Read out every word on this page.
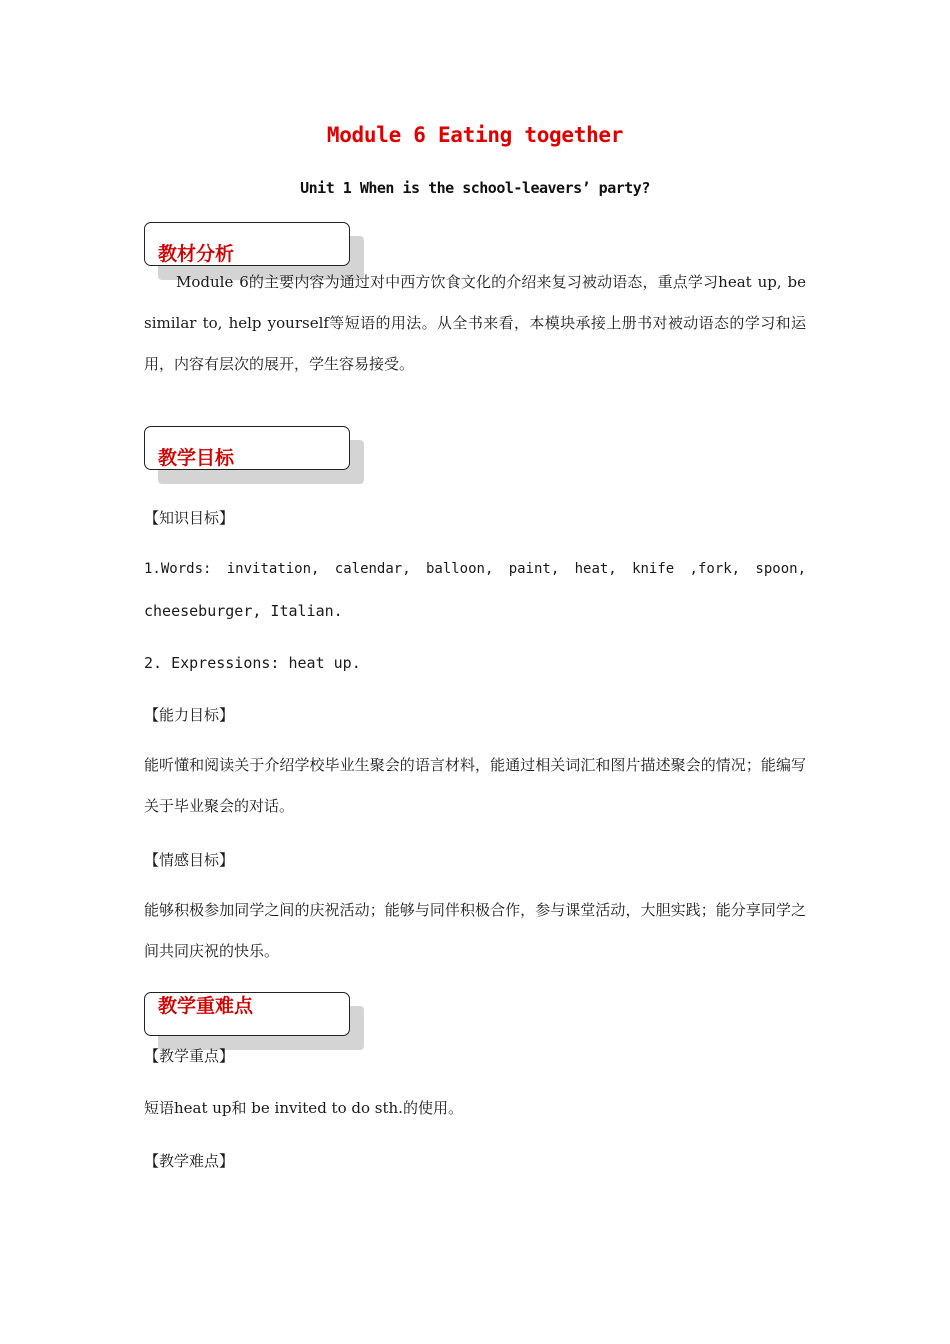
Module 6 Eating together
Unit 1 When is the school-leavers’ party?
教材分析

Module 6的主要内容为通过对中西方饮食文化的介绍来复习被动语态，重点学习heat up, be similar to, help yourself等短语的用法。从全书来看，本模块承接上册书对被动语态的学习和运用，内容有层次的展开，学生容易接受。

教学目标

【知识目标】

1.Words: invitation, calendar, balloon, paint, heat, knife ,fork, spoon,

cheeseburger, Italian.

2. Expressions: heat up.

【能力目标】

能听懂和阅读关于介绍学校毕业生聚会的语言材料，能通过相关词汇和图片描述聚会的情况；能编写关于毕业聚会的对话。

【情感目标】

能够积极参加同学之间的庆祝活动；能够与同伴积极合作，参与课堂活动，大胆实践；能分享同学之间共同庆祝的快乐。

教学重难点

【教学重点】

短语heat up和 be invited to do sth.的使用。

【教学难点】
